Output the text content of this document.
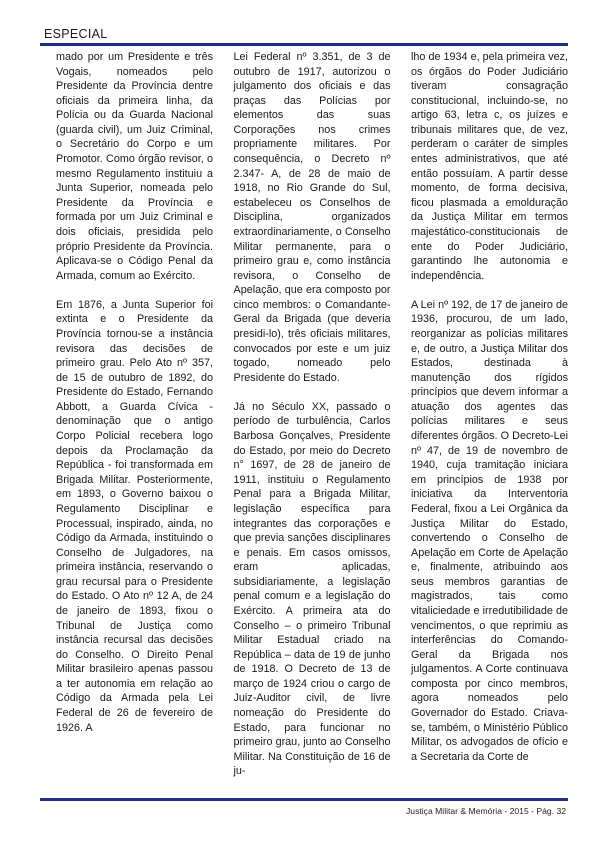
ESPECIAL

mado por um Presidente e três Vogais, nomeados pelo Presidente da Província dentre oficiais da primeira linha, da Polícia ou da Guarda Nacional (guarda civil), um Juiz Criminal, o Secretário do Corpo e um Promotor. Como órgão revisor, o mesmo Regulamento instituiu a Junta Superior, nomeada pelo Presidente da Província e formada por um Juiz Criminal e dois oficiais, presidida pelo próprio Presidente da Província. Aplicava-se o Código Penal da Armada, comum ao Exército.

Em 1876, a Junta Superior foi extinta e o Presidente da Província tornou-se a instância revisora das decisões de primeiro grau. Pelo Ato nº 357, de 15 de outubro de 1892, do Presidente do Estado, Fernando Abbott, a Guarda Cívica - denominação que o antigo Corpo Policial recebera logo depois da Proclamação da República - foi transformada em Brigada Militar. Posteriormente, em 1893, o Governo baixou o Regulamento Disciplinar e Processual, inspirado, ainda, no Código da Armada, instituindo o Conselho de Julgadores, na primeira instância, reservando o grau recursal para o Presidente do Estado. O Ato nº 12 A, de 24 de janeiro de 1893, fixou o Tribunal de Justiça como instância recursal das decisões do Conselho. O Direito Penal Militar brasileiro apenas passou a ter autonomia em relação ao Código da Armada pela Lei Federal de 26 de fevereiro de 1926. A

Lei Federal nº 3.351, de 3 de outubro de 1917, autorizou o julgamento dos oficiais e das praças das Polícias por elementos das suas Corporações nos crimes propriamente militares. Por consequência, o Decreto nº 2.347- A, de 28 de maio de 1918, no Rio Grande do Sul, estabeleceu os Conselhos de Disciplina, organizados extraordinariamente, o Conselho Militar permanente, para o primeiro grau e, como instância revisora, o Conselho de Apelação, que era composto por cinco membros: o Comandante- Geral da Brigada (que deveria presidi-lo), três oficiais militares, convocados por este e um juiz togado, nomeado pelo Presidente do Estado.

Já no Século XX, passado o período de turbulência, Carlos Barbosa Gonçalves, Presidente do Estado, por meio do Decreto n° 1697, de 28 de janeiro de 1911, instituiu o Regulamento Penal para a Brigada Militar, legislação específica para integrantes das corporações e que previa sanções disciplinares e penais. Em casos omissos, eram aplicadas, subsidiariamente, a legislação penal comum e a legislação do Exército. A primeira ata do Conselho – o primeiro Tribunal Militar Estadual criado na República – data de 19 de junho de 1918. O Decreto de 13 de março de 1924 criou o cargo de Juiz-Auditor civil, de livre nomeação do Presidente do Estado, para funcionar no primeiro grau, junto ao Conselho Militar. Na Constituição de 16 de ju-

lho de 1934 e, pela primeira vez, os órgãos do Poder Judiciário tiveram consagração constitucional, incluindo-se, no artigo 63, letra c, os juízes e tribunais militares que, de vez, perderam o caráter de simples entes administrativos, que até então possuíam. A partir desse momento, de forma decisiva, ficou plasmada a emolduração da Justiça Militar em termos majestático-constitucionais de ente do Poder Judiciário, garantindo lhe autonomia e independência.

A Lei nº 192, de 17 de janeiro de 1936, procurou, de um lado, reorganizar as polícias militares e, de outro, a Justiça Militar dos Estados, destinada à manutenção dos rígidos princípios que devem informar a atuação dos agentes das polícias militares e seus diferentes órgãos. O Decreto-Lei nº 47, de 19 de novembro de 1940, cuja tramitação iniciara em princípios de 1938 por iniciativa da Interventoria Federal, fixou a Lei Orgânica da Justiça Militar do Estado, convertendo o Conselho de Apelação em Corte de Apelação e, finalmente, atribuindo aos seus membros garantias de magistrados, tais como vitaliciedade e irredutibilidade de vencimentos, o que reprimiu as interferências do Comando-Geral da Brigada nos julgamentos. A Corte continuava composta por cinco membros, agora nomeados pelo Governador do Estado. Criava-se, também, o Ministério Público Militar, os advogados de ofício e a Secretaria da Corte de

Justiça Militar & Memória - 2015 - Pág. 32
